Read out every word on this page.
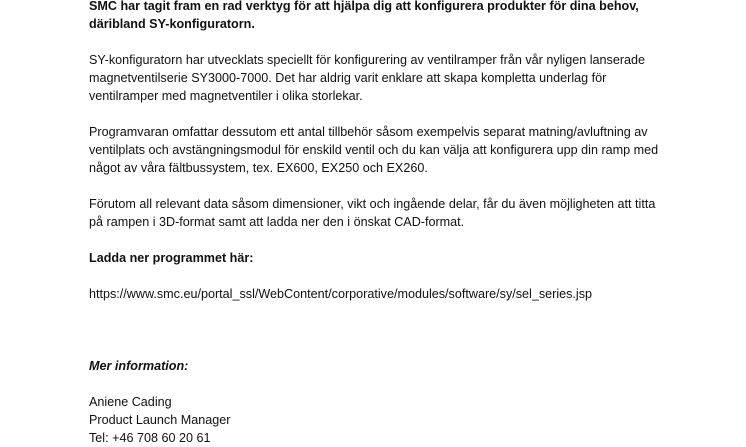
SMC har tagit fram en rad verktyg för att hjälpa dig att konfigurera produkter för dina behov,
däribland SY-konfiguratorn.

SY-konfiguratorn har utvecklats speciellt för konfigurering av ventilramper från vår nyligen lanserade
magnetventilserie SY3000-7000. Det har aldrig varit enklare att skapa kompletta underlag för
ventilramper med magnetventiler i olika storlekar.

Programvaran omfattar dessutom ett antal tillbehör såsom exempelvis separat matning/avluftning av
ventilplats och avstängningsmodul för enskild ventil och du kan välja att konfigurera upp din ramp med
något av våra fältbussystem, tex. EX600, EX250 och EX260.

Förutom all relevant data såsom dimensioner, vikt och ingående delar, får du även möjligheten att titta
på rampen i 3D-format samt att ladda ner den i önskat CAD-format.

Ladda ner programmet här:

https://www.smc.eu/portal_ssl/WebContent/corporative/modules/software/sy/sel_series.jsp

Mer information:

Aniene Cading
Product Launch Manager
Tel: +46 708 60 20 61
